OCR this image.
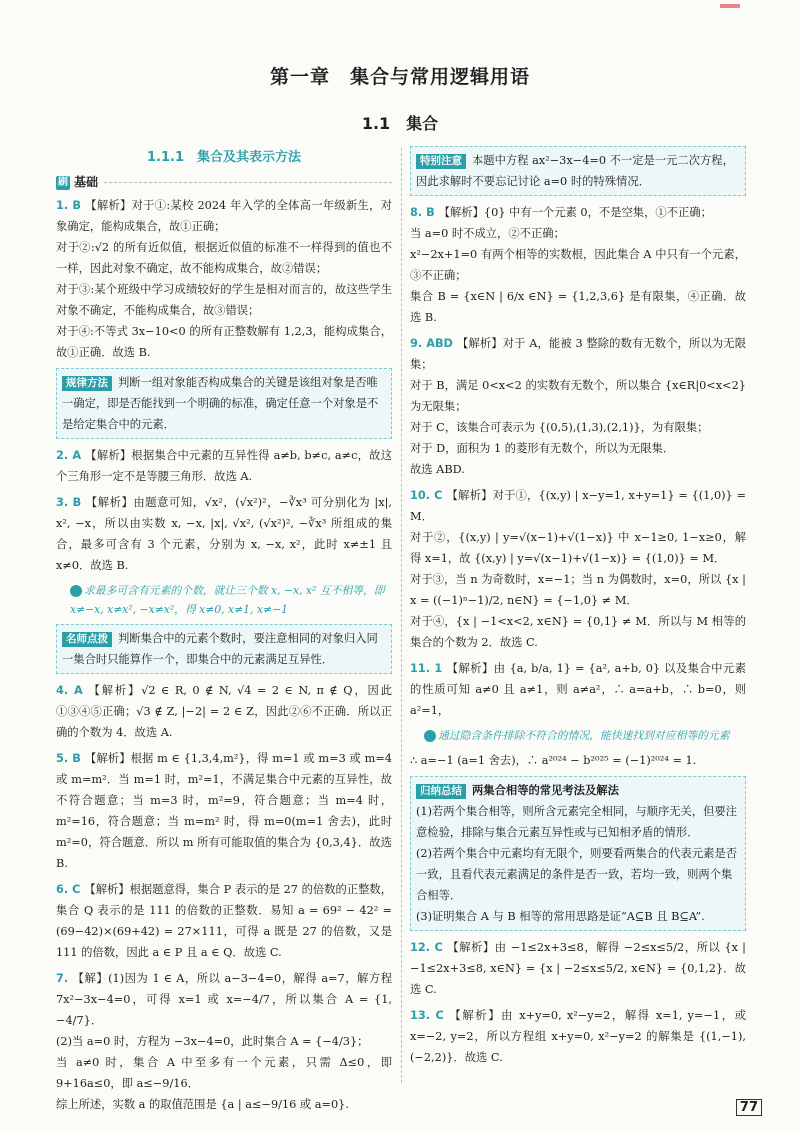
第一章　集合与常用逻辑用语
1.1　集合
1.1.1　集合及其表示方法
刷 基础
1. B 【解析】对于①:某校 2024 年入学的全体高一年级新生，对象确定，能构成集合，故①正确；

对于②:√2 的所有近似值，根据近似值的标准不一样得到的值也不一样，因此对象不确定，故不能构成集合，故②错误；

对于③:某个班级中学习成绩较好的学生是相对而言的，故这些学生对象不确定，不能构成集合，故③错误；

对于④:不等式 3x−10<0 的所有正整数解有 1,2,3，能构成集合，故①正确．故选 B.

规律方法 判断一组对象能否构成集合的关键是该组对象是否唯一确定，即是否能找到一个明确的标准，确定任意一个对象是不是给定集合中的元素．
2. A 【解析】根据集合中元素的互异性得 a≠b, b≠c, a≠c，故这个三角形一定不是等腰三角形．故选 A.
3. B 【解析】由题意可知，√x²，(√x²)²，−∛x³ 可分别化为 |x|, x², −x，所以由实数 x, −x, |x|, √x², (√x²)², −∛x³ 所组成的集合，最多可含有 3 个元素，分别为 x, −x, x²，此时 x≠±1 且 x≠0．故选 B.
求最多可含有元素的个数，就让三个数 x, −x, x² 互不相等，即 x≠−x, x≠x², −x≠x²，得 x≠0, x≠1, x≠−1
名师点拨 判断集合中的元素个数时，要注意相同的对象归入同一集合时只能算作一个，即集合中的元素满足互异性．
4. A 【解析】√2 ∈ R, 0 ∉ N, √4 = 2 ∈ N, π ∉ Q，因此①③④⑤正确；√3 ∉ Z, |−2| = 2 ∈ Z，因此②⑥不正确．所以正确的个数为 4．故选 A.
5. B 【解析】根据 m ∈ {1,3,4,m²}，得 m=1 或 m=3 或 m=4 或 m=m²．当 m=1 时，m²=1，不满足集合中元素的互异性，故不符合题意；当 m=3 时，m²=9，符合题意；当 m=4 时，m²=16，符合题意；当 m=m² 时，得 m=0(m=1 舍去)，此时 m²=0，符合题意．所以 m 所有可能取值的集合为 {0,3,4}．故选 B.
6. C 【解析】根据题意得，集合 P 表示的是 27 的倍数的正整数，集合 Q 表示的是 111 的倍数的正整数．易知 a = 69² − 42² = (69−42)×(69+42) = 27×111，可得 a 既是 27 的倍数，又是 111 的倍数，因此 a ∈ P 且 a ∈ Q．故选 C.
7. 【解】(1)因为 1 ∈ A，所以 a−3−4=0，解得 a=7，解方程 7x²−3x−4=0，可得 x=1 或 x=−4/7，所以集合 A = {1, −4/7}．

(2)当 a=0 时，方程为 −3x−4=0，此时集合 A = {−4/3}；

当 a≠0 时，集合 A 中至多有一个元素，只需 Δ≤0，即 9+16a≤0，即 a≤−9/16．

综上所述，实数 a 的取值范围是 {a | a≤−9/16 或 a=0}.

特别注意 本题中方程 ax²−3x−4=0 不一定是一元二次方程，因此求解时不要忘记讨论 a=0 时的特殊情况．
8. B 【解析】{0} 中有一个元素 0，不是空集，①不正确；

当 a=0 时不成立，②不正确；

x²−2x+1=0 有两个相等的实数根，因此集合 A 中只有一个元素，③不正确；

集合 B = {x∈N | 6/x ∈N} = {1,2,3,6} 是有限集，④正确．故选 B.

9. ABD 【解析】对于 A，能被 3 整除的数有无数个，所以为无限集；

对于 B，满足 0<x<2 的实数有无数个，所以集合 {x∈R|0<x<2} 为无限集；

对于 C，该集合可表示为 {(0,5),(1,3),(2,1)}，为有限集；

对于 D，面积为 1 的菱形有无数个，所以为无限集．

故选 ABD.

10. C 【解析】对于①，{(x,y) | x−y=1, x+y=1} = {(1,0)} = M．

对于②，{(x,y) | y=√(x−1)+√(1−x)} 中 x−1≥0, 1−x≥0，解得 x=1，故 {(x,y) | y=√(x−1)+√(1−x)} = {(1,0)} = M．

对于③，当 n 为奇数时，x=−1；当 n 为偶数时，x=0，所以 {x | x = ((−1)ⁿ−1)/2, n∈N} = {−1,0} ≠ M．

对于④，{x | −1<x<2, x∈N} = {0,1} ≠ M．所以与 M 相等的集合的个数为 2．故选 C.

11. 1 【解析】由 {a, b/a, 1} = {a², a+b, 0} 以及集合中元素的性质可知 a≠0 且 a≠1，则 a≠a²，∴ a=a+b，∴ b=0，则 a²=1，
通过隐含条件排除不符合的情况，能快速找到对应相等的元素
∴ a=−1 (a=1 舍去)，∴ a²⁰²⁴ − b²⁰²⁵ = (−1)²⁰²⁴ = 1.
归纳总结 两集合相等的常见考法及解法

(1)若两个集合相等，则所含元素完全相同，与顺序无关，但要注意检验，排除与集合元素互异性或与已知相矛盾的情形．

(2)若两个集合中元素均有无限个，则要看两集合的代表元素是否一致，且看代表元素满足的条件是否一致，若均一致，则两个集合相等．

(3)证明集合 A 与 B 相等的常用思路是证“A⊆B 且 B⊆A”.

12. C 【解析】由 −1≤2x+3≤8，解得 −2≤x≤5/2，所以 {x | −1≤2x+3≤8, x∈N} = {x | −2≤x≤5/2, x∈N} = {0,1,2}．故选 C.
13. C 【解析】由 x+y=0, x²−y=2，解得 x=1, y=−1，或 x=−2, y=2，所以方程组 x+y=0, x²−y=2 的解集是 {(1,−1),(−2,2)}．故选 C.
77
